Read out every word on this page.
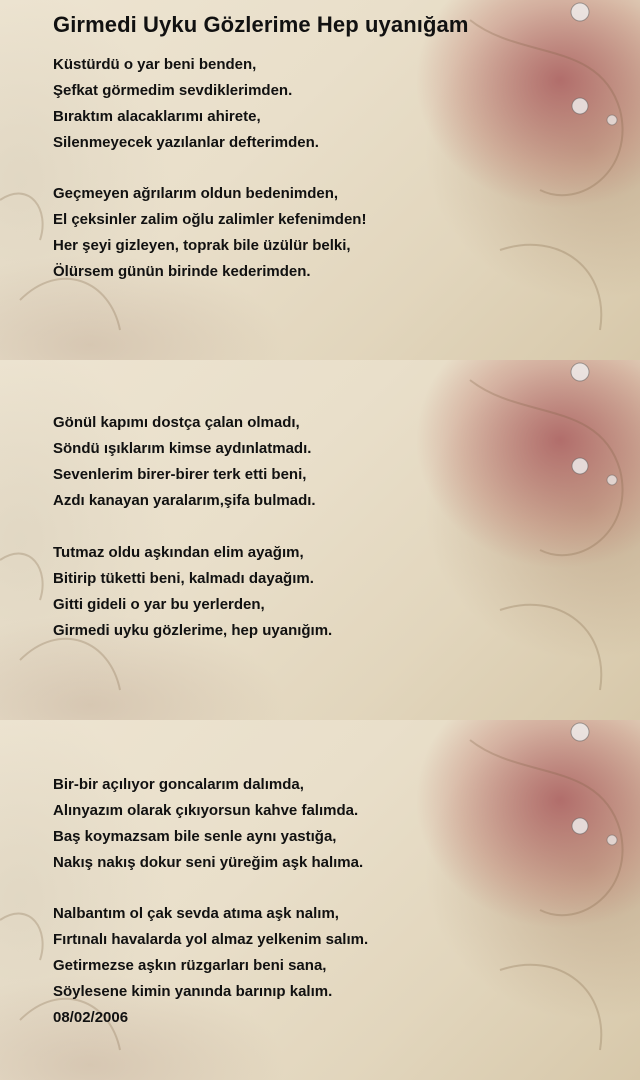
Girmedi Uyku Gözlerime Hep uyanığam
Küstürdü o yar beni benden,
Şefkat görmedim sevdiklerimden.
Bıraktım alacaklarımı ahirete,
Silenmeyecek yazılanlar defterimden.
Geçmeyen ağrılarım oldun bedenimden,
El çeksinler zalim oğlu zalimler kefenimden!
Her şeyi gizleyen, toprak bile üzülür belki,
Ölürsem günün birinde kederimden.
Gönül kapımı dostça çalan olmadı,
Söndü ışıklarım kimse aydınlatmadı.
Sevenlerim birer-birer terk etti beni,
Azdı kanayan yaralarım,şifa bulmadı.
Tutmaz oldu aşkından elim ayağım,
Bitirip tüketti beni, kalmadı dayağım.
Gitti gideli o yar bu yerlerden,
Girmedi uyku gözlerime, hep uyanığım.
Bir-bir açılıyor goncalarım dalımda,
Alınyazım olarak çıkıyorsun kahve falımda.
Baş koymazsam bile senle aynı yastığa,
Nakış nakış dokur seni yüreğim aşk halıma.
Nalbantım ol çak sevda atıma aşk nalım,
Fırtınalı havalarda yol almaz yelkenim salım.
Getirmezse aşkın rüzgarları beni sana,
Söylesene kimin yanında barınıp kalım.
08/02/2006
